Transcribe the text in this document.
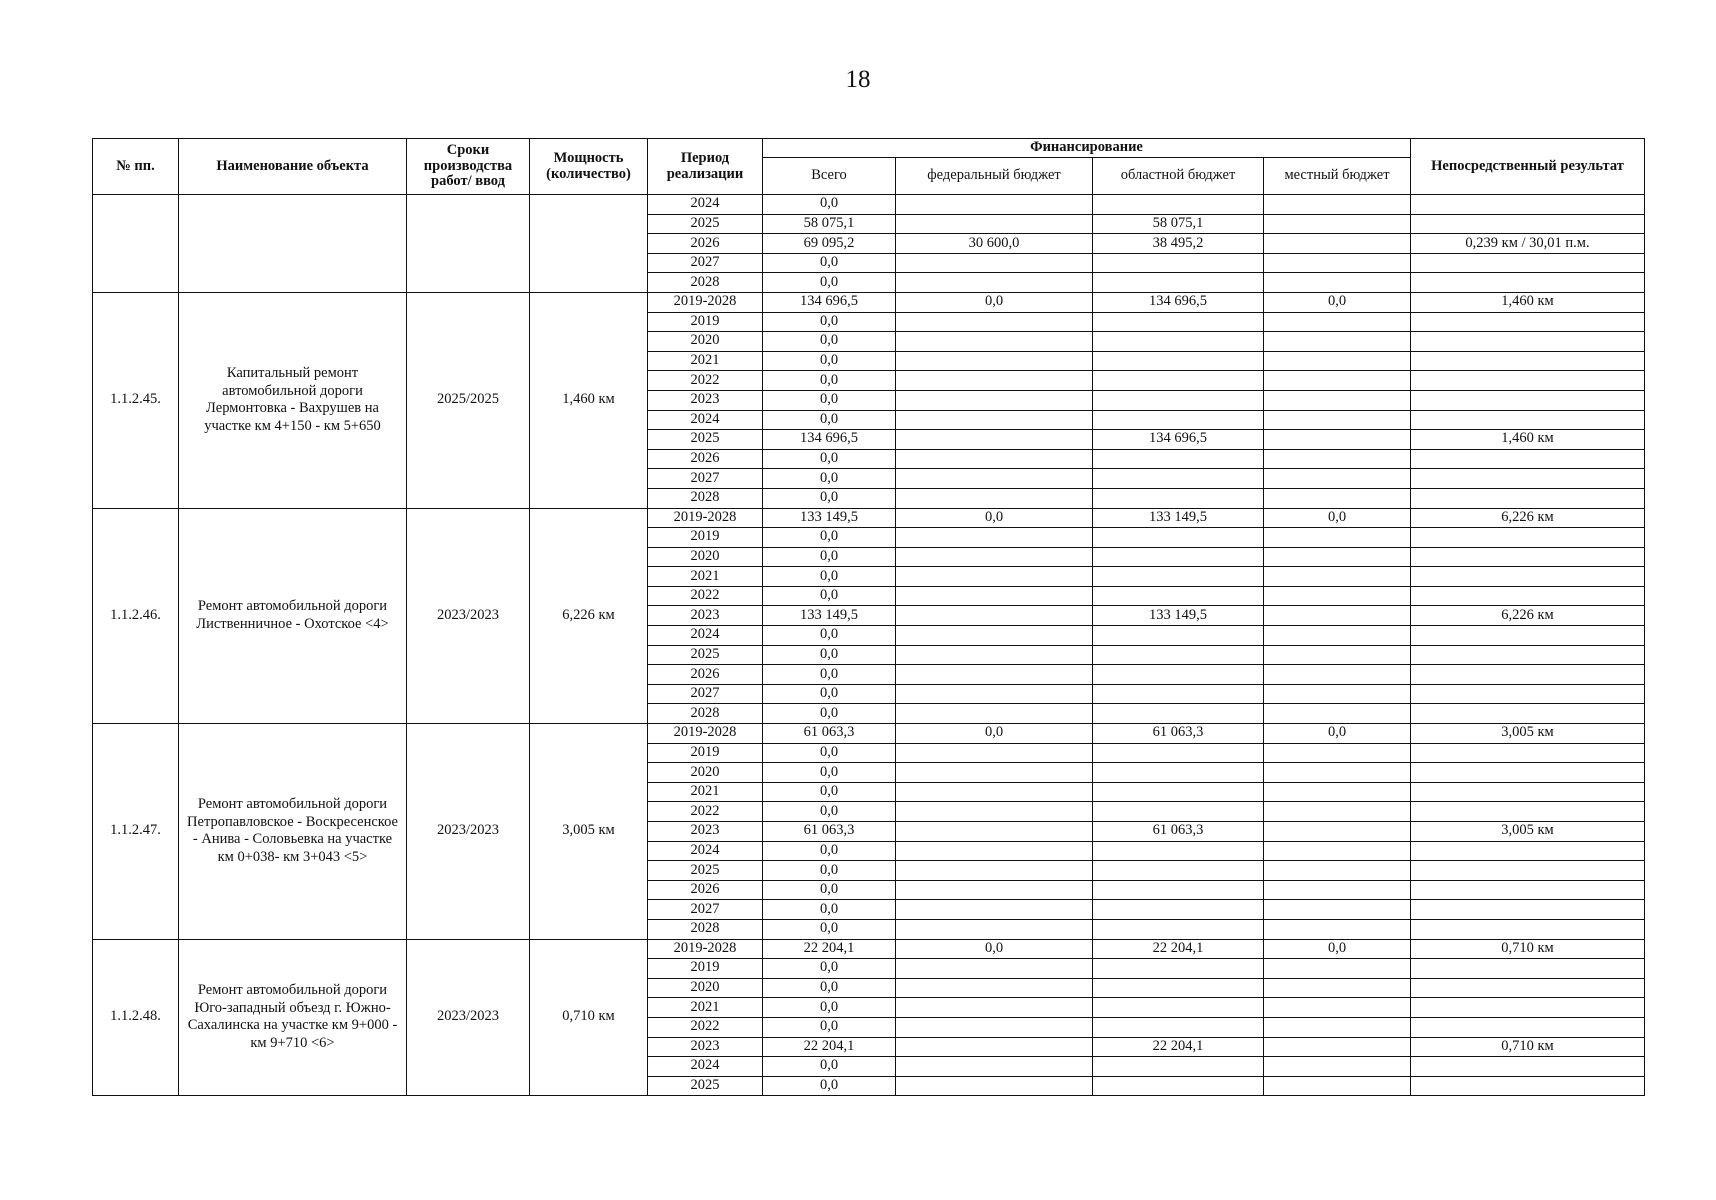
18
№ пп.	Наименование объекта	Сроки производства работ/ ввод	Мощность (количество)	Период реализации	Финансирование				Непосредственный результат
					Всего	федеральный бюджет	областной бюджет	местный бюджет	
				2024	0,0				
				2025	58 075,1		58 075,1		
				2026	69 095,2	30 600,0	38 495,2		0,239 км / 30,01 п.м.
				2027	0,0				
				2028	0,0				
1.1.2.45.	Капитальный ремонт автомобильной дороги Лермонтовка - Вахрушев на участке км 4+150 - км 5+650	2025/2025	1,460 км	2019-2028	134 696,5	0,0	134 696,5	0,0	1,460 км
				2019	0,0				
				2020	0,0				
				2021	0,0				
				2022	0,0				
				2023	0,0				
				2024	0,0				
				2025	134 696,5		134 696,5		1,460 км
				2026	0,0				
				2027	0,0				
				2028	0,0				
1.1.2.46.	Ремонт автомобильной дороги Лиственничное - Охотское <4>	2023/2023	6,226 км	2019-2028	133 149,5	0,0	133 149,5	0,0	6,226 км
				2019	0,0				
				2020	0,0				
				2021	0,0				
				2022	0,0				
				2023	133 149,5		133 149,5		6,226 км
				2024	0,0				
				2025	0,0				
				2026	0,0				
				2027	0,0				
				2028	0,0				
1.1.2.47.	Ремонт автомобильной дороги Петропавловское - Воскресенское - Анива - Соловьевка на участке км 0+038- км 3+043 <5>	2023/2023	3,005 км	2019-2028	61 063,3	0,0	61 063,3	0,0	3,005 км
				2019	0,0				
				2020	0,0				
				2021	0,0				
				2022	0,0				
				2023	61 063,3		61 063,3		3,005 км
				2024	0,0				
				2025	0,0				
				2026	0,0				
				2027	0,0				
				2028	0,0				
1.1.2.48.	Ремонт автомобильной дороги Юго-западный объезд г. Южно-Сахалинска на участке км 9+000 - км 9+710 <6>	2023/2023	0,710 км	2019-2028	22 204,1	0,0	22 204,1	0,0	0,710 км
				2019	0,0				
				2020	0,0				
				2021	0,0				
				2022	0,0				
				2023	22 204,1		22 204,1		0,710 км
				2024	0,0				
				2025	0,0				
